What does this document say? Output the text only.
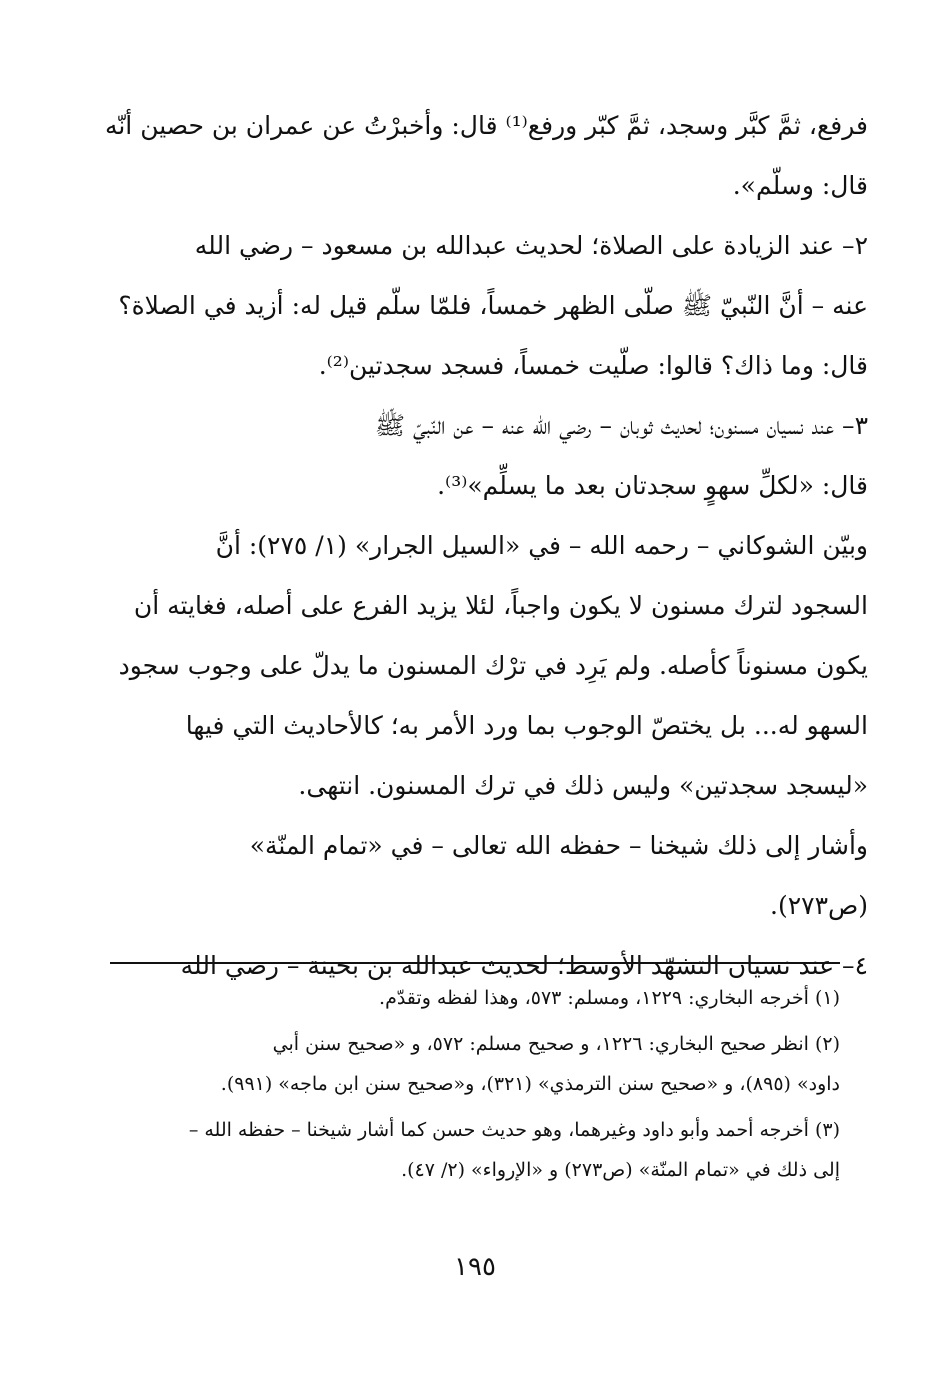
فرفع، ثمَّ كبَّر وسجد، ثمَّ كبّر ورفع⁽¹⁾ قال: وأخبرْتُ عن عمران بن حصين أنّه
قال: وسلّم».

٢– عند الزيادة على الصلاة؛ لحديث عبدالله بن مسعود – رضي الله
عنه – أنَّ النّبيّ ﷺ صلّى الظهر خمساً، فلمّا سلّم قيل له: أزيد في الصلاة؟
قال: وما ذاك؟ قالوا: صلّيت خمساً، فسجد سجدتين⁽²⁾.

٣– عند نسيان مسنون؛ لحديث ثوبان – رضي الله عنه – عن النّبيّ ﷺ
قال: «لكلِّ سهوٍ سجدتان بعد ما يسلِّم»⁽³⁾.

وبيّن الشوكاني – رحمه الله – في «السيل الجرار» (١/ ٢٧٥): أنَّ
السجود لترك مسنون لا يكون واجباً، لئلا يزيد الفرع على أصله، فغايته أن
يكون مسنوناً كأصله. ولم يَرِد في ترْك المسنون ما يدلّ على وجوب سجود
السهو له... بل يختصّ الوجوب بما ورد الأمر به؛ كالأحاديث التي فيها
«ليسجد سجدتين» وليس ذلك في ترك المسنون. انتهى.

وأشار إلى ذلك شيخنا – حفظه الله تعالى – في «تمام المنّة»
(ص٢٧٣).

٤– عند نسيان التشهّد الأوسط؛ لحديث عبدالله بن بحينة – رضي الله

(١) أخرجه البخاري: ١٢٢٩، ومسلم: ٥٧٣، وهذا لفظه وتقدّم.

(٢) انظر صحيح البخاري: ١٢٢٦، و صحيح مسلم: ٥٧٢، و «صحيح سنن أبي
داود» (٨٩٥)، و «صحيح سنن الترمذي» (٣٢١)، و«صحيح سنن ابن ماجه» (٩٩١).

(٣) أخرجه أحمد وأبو داود وغيرهما، وهو حديث حسن كما أشار شيخنا – حفظه الله –
إلى ذلك في «تمام المنّة» (ص٢٧٣) و «الإرواء» (٢/ ٤٧).

١٩٥
